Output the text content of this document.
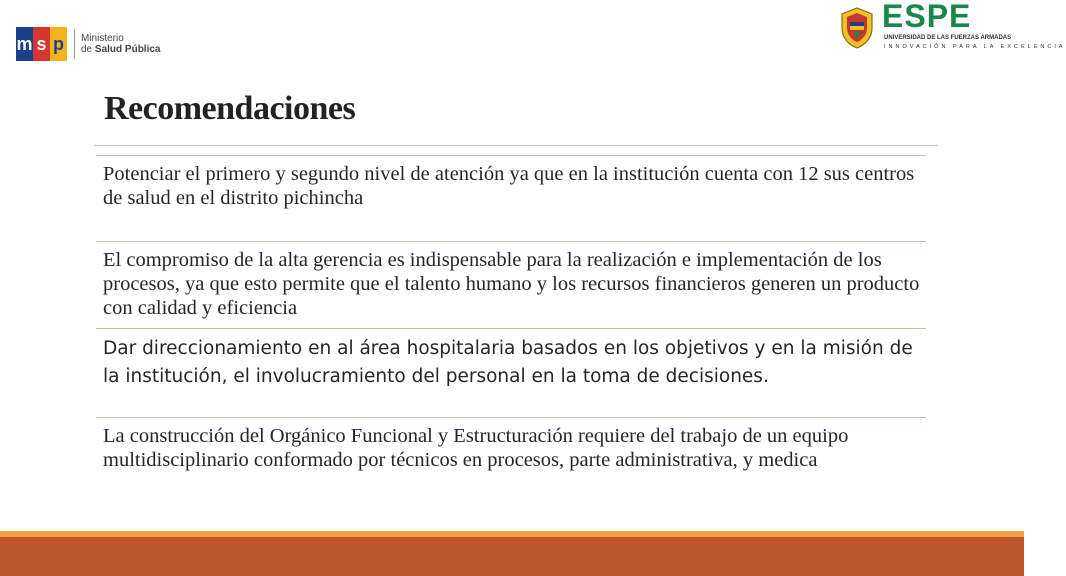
m s p	Ministerio
de Salud Pública
ESPE
UNIVERSIDAD DE LAS FUERZAS ARMADAS
INNOVACIÓN PARA LA EXCELENCIA
Recomendaciones
Potenciar el primero y segundo nivel de atención ya que en la institución cuenta con 12 sus centros de salud en el distrito pichincha
El compromiso de la alta gerencia es indispensable para la realización e implementación de los procesos, ya que esto permite que el talento humano y los recursos financieros generen un producto con calidad y eficiencia
Dar direccionamiento en al área hospitalaria basados en los objetivos y en la misión de la institución, el involucramiento del personal en la toma de decisiones.
La construcción del Orgánico Funcional y Estructuración requiere del trabajo de un equipo multidisciplinario conformado por técnicos en procesos, parte administrativa, y medica
